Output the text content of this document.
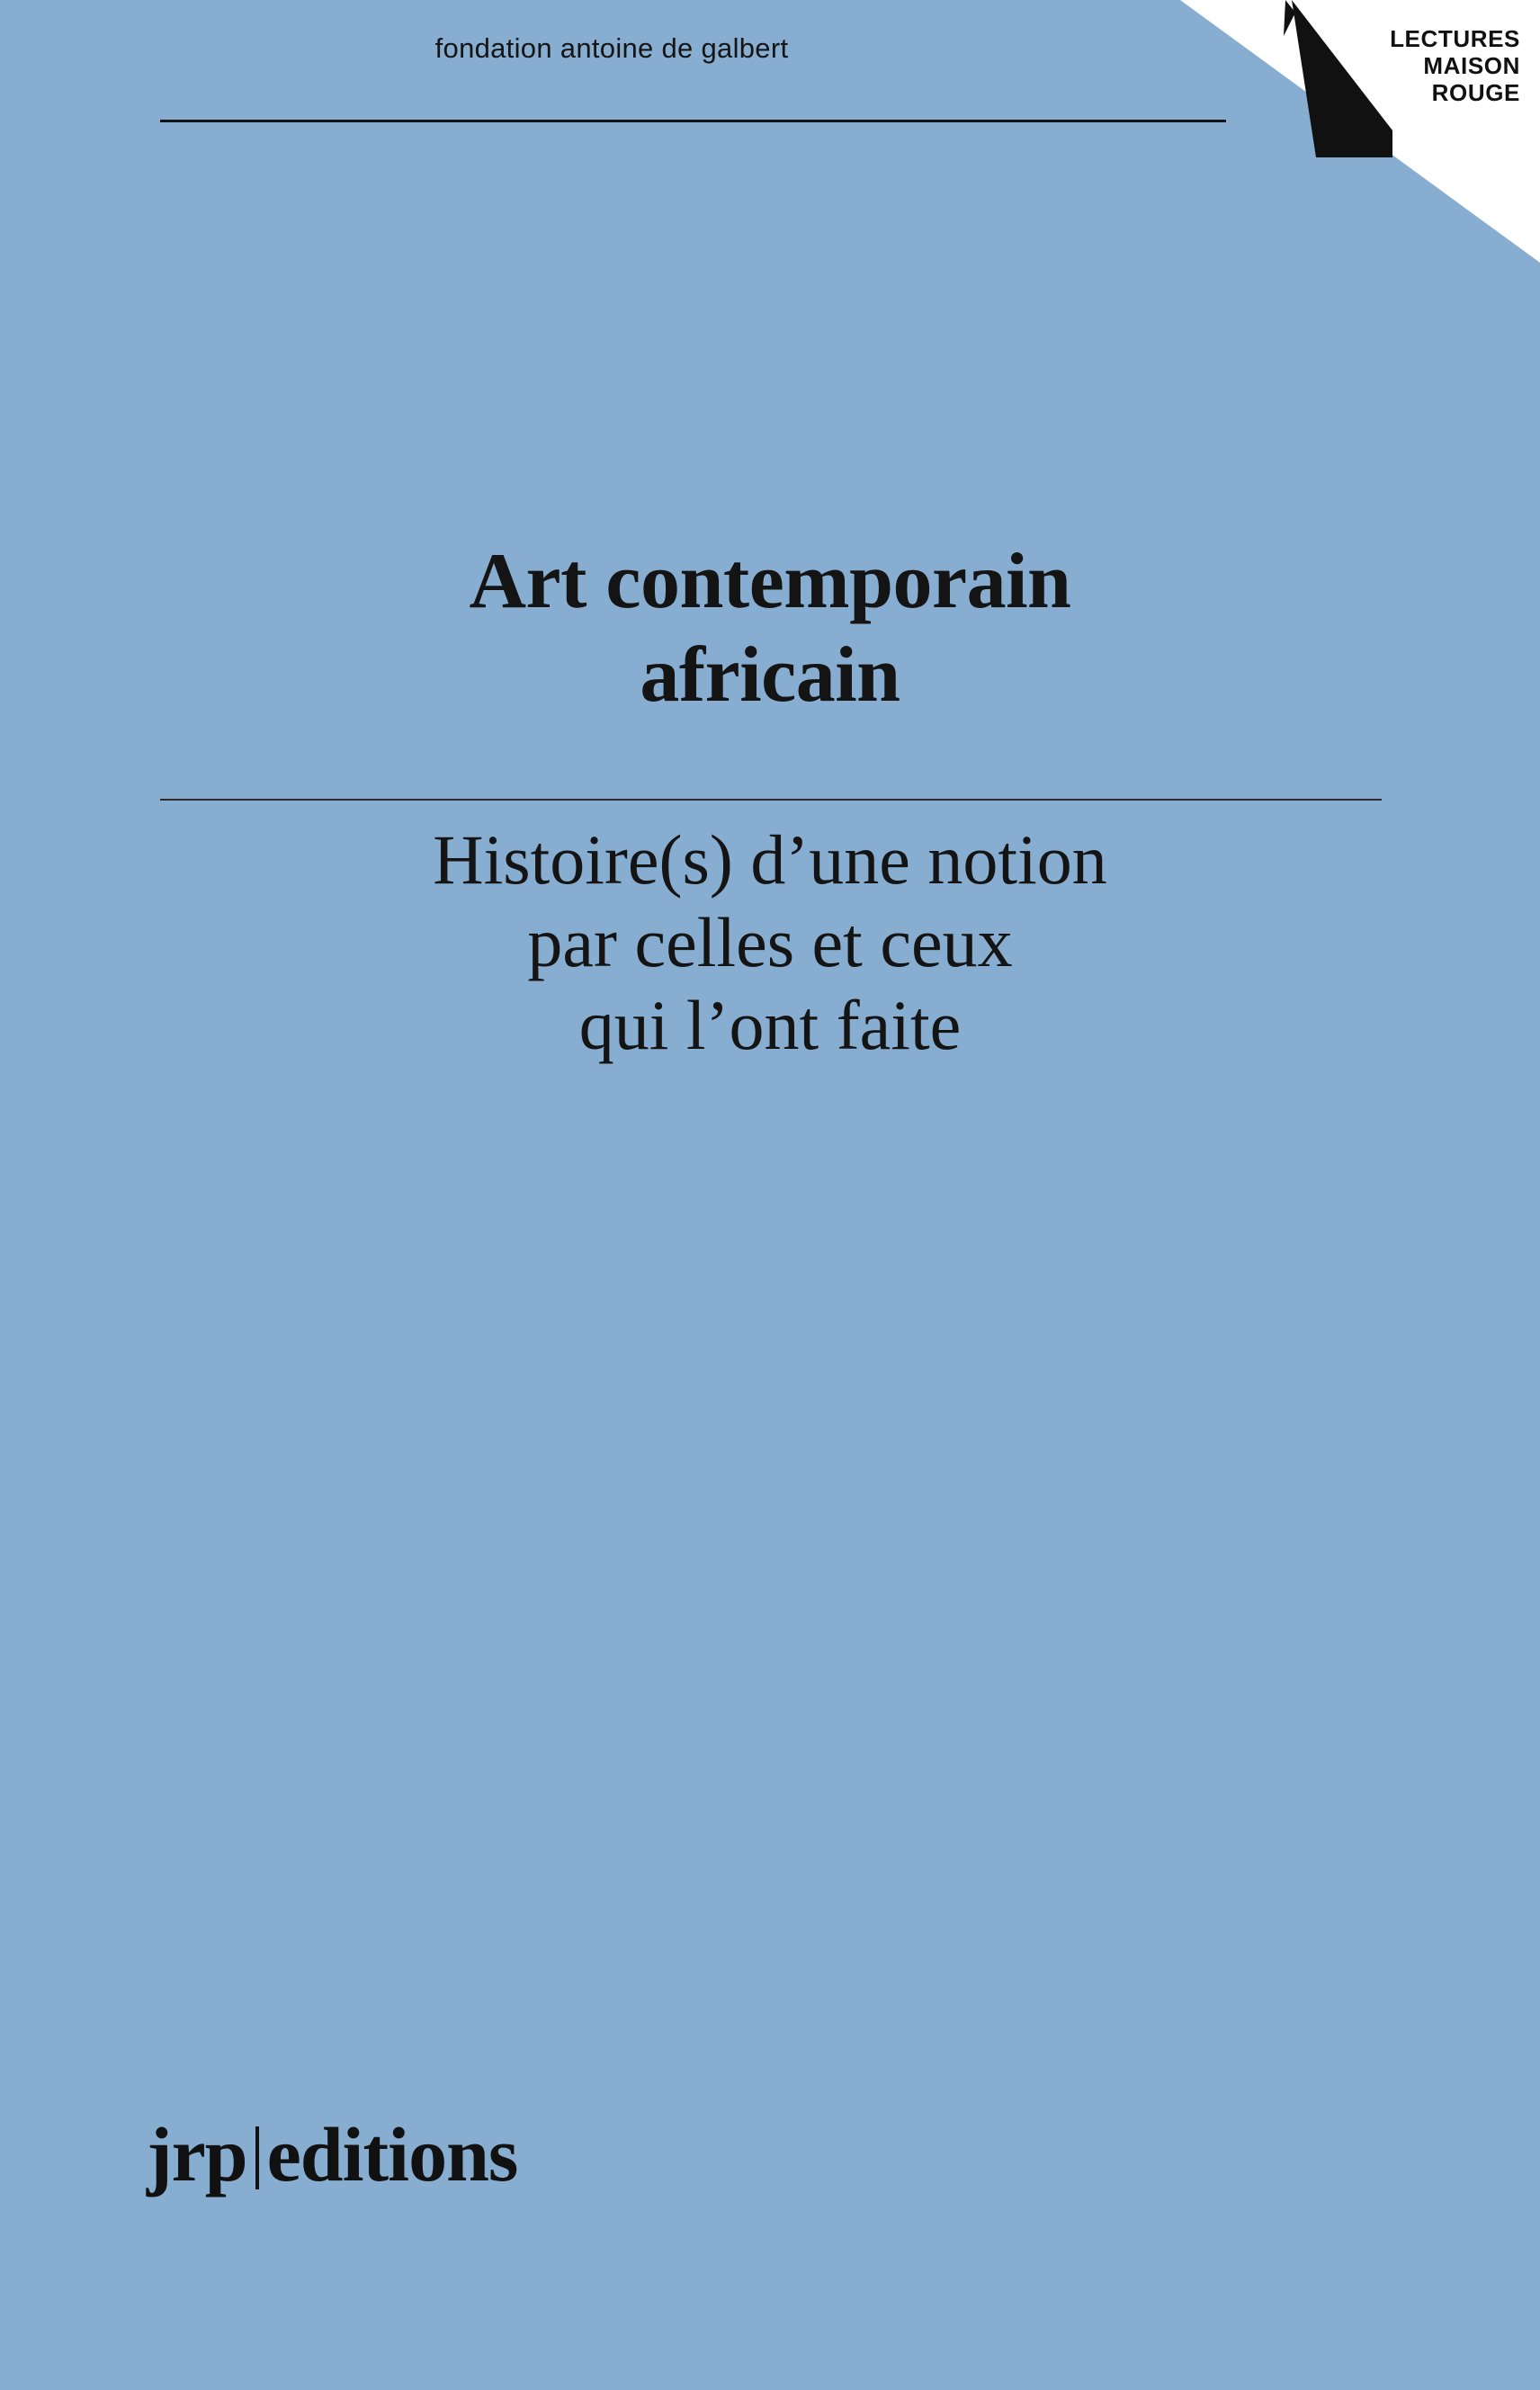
LECTURES
MAISON
ROUGE
fondation antoine de galbert
Art contemporain
africain
Histoire(s) d’une notion
par celles et ceux
qui l’ont faite
jrp editions
